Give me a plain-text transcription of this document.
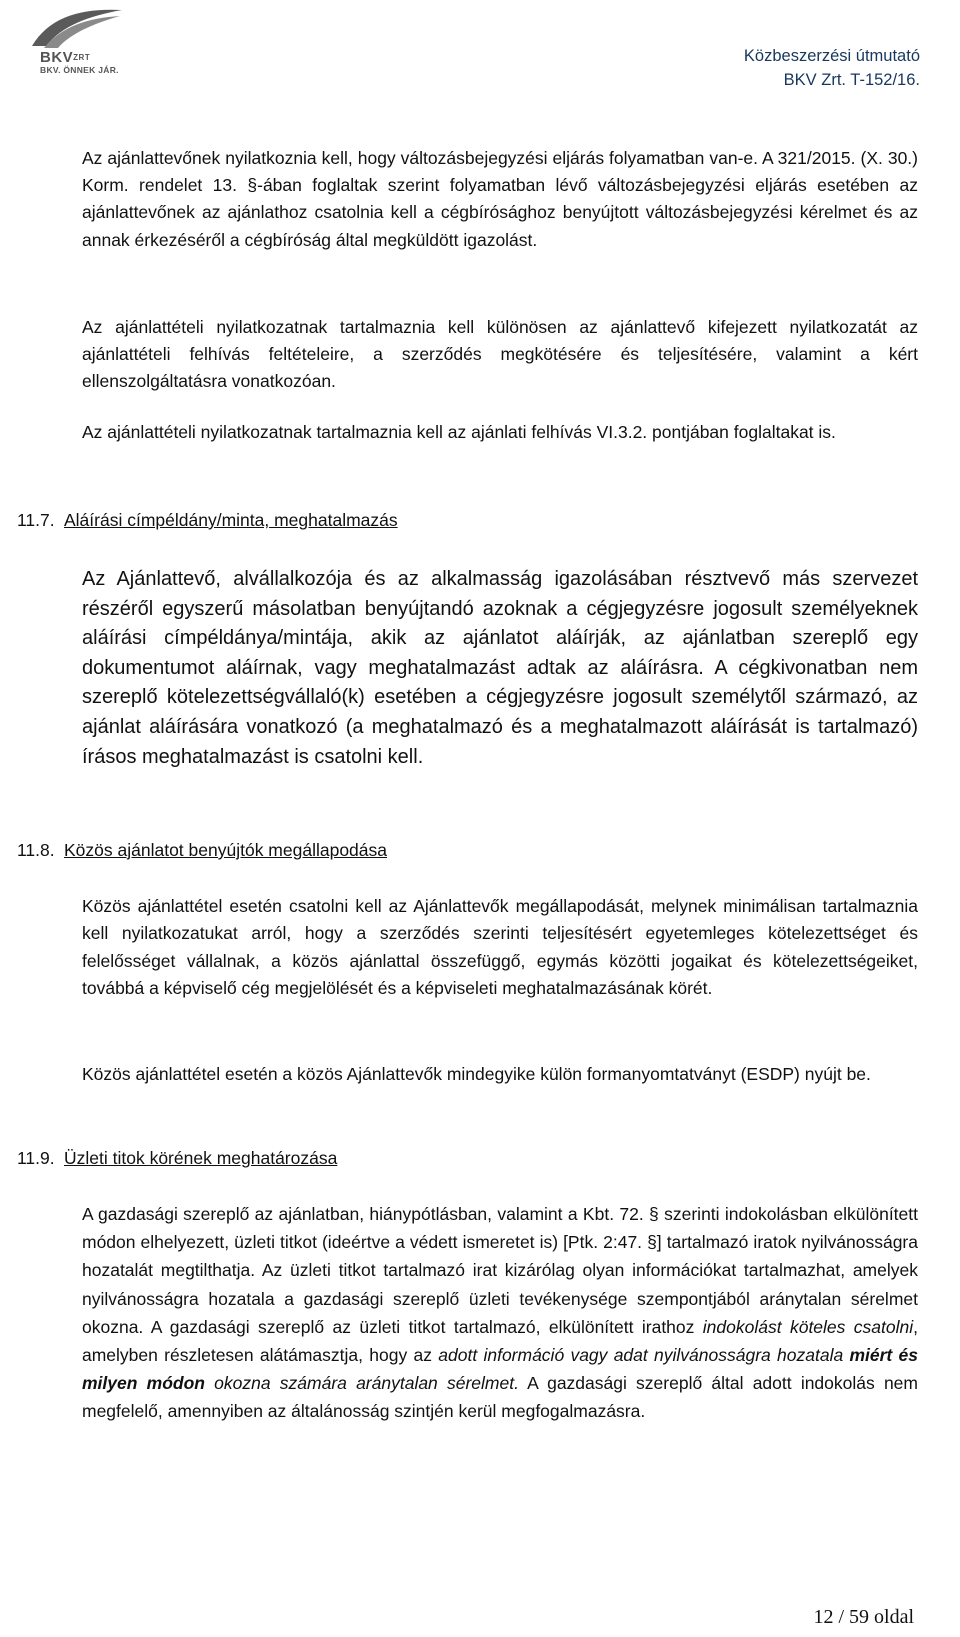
$BKV^{ZRT}$
BKV. ÖNNEK JÁR.
Közbeszerzési útmutató
BKV Zrt. T-152/16.

Az ajánlattevőnek nyilatkoznia kell, hogy változásbejegyzési eljárás folyamatban van-e. A 321/2015. (X. 30.) Korm. rendelet 13. §-ában foglaltak szerint folyamatban lévő változásbejegyzési eljárás esetében az ajánlattevőnek az ajánlathoz csatolnia kell a cégbírósághoz benyújtott változásbejegyzési kérelmet és az annak érkezéséről a cégbíróság által megküldött igazolást.

Az ajánlattételi nyilatkozatnak tartalmaznia kell különösen az ajánlattevő kifejezett nyilatkozatát az ajánlattételi felhívás feltételeire, a szerződés megkötésére és teljesítésére, valamint a kért ellenszolgáltatásra vonatkozóan.

Az ajánlattételi nyilatkozatnak tartalmaznia kell az ajánlati felhívás VI.3.2. pontjában foglaltakat is.

11.7. Aláírási címpéldány/minta, meghatalmazás

Az Ajánlattevő, alvállalkozója és az alkalmasság igazolásában résztvevő más szervezet részéről egyszerű másolatban benyújtandó azoknak a cégjegyzésre jogosult személyeknek aláírási címpéldánya/mintája, akik az ajánlatot aláírják, az ajánlatban szereplő egy dokumentumot aláírnak, vagy meghatalmazást adtak az aláírásra. A cégkivonatban nem szereplő kötelezettségvállaló(k) esetében a cégjegyzésre jogosult személytől származó, az ajánlat aláírására vonatkozó (a meghatalmazó és a meghatalmazott aláírását is tartalmazó) írásos meghatalmazást is csatolni kell.

11.8. Közös ajánlatot benyújtók megállapodása

Közös ajánlattétel esetén csatolni kell az Ajánlattevők megállapodását, melynek minimálisan tartalmaznia kell nyilatkozatukat arról, hogy a szerződés szerinti teljesítésért egyetemleges kötelezettséget és felelősséget vállalnak, a közös ajánlattal összefüggő, egymás közötti jogaikat és kötelezettségeiket, továbbá a képviselő cég megjelölését és a képviseleti meghatalmazásának körét.

Közös ajánlattétel esetén a közös Ajánlattevők mindegyike külön formanyomtatványt (ESDP) nyújt be.

11.9. Üzleti titok körének meghatározása

A gazdasági szereplő az ajánlatban, hiánypótlásban, valamint a Kbt. 72. § szerinti indokolásban elkülönített módon elhelyezett, üzleti titkot (ideértve a védett ismeretet is) [Ptk. 2:47. §] tartalmazó iratok nyilvánosságra hozatalát megtilthatja. Az üzleti titkot tartalmazó irat kizárólag olyan információkat tartalmazhat, amelyek nyilvánosságra hozatala a gazdasági szereplő üzleti tevékenysége szempontjából aránytalan sérelmet okozna. A gazdasági szereplő az üzleti titkot tartalmazó, elkülönített irathoz indokolást köteles csatolni, amelyben részletesen alátámasztja, hogy az adott információ vagy adat nyilvánosságra hozatala miért és milyen módon okozna számára aránytalan sérelmet. A gazdasági szereplő által adott indokolás nem megfelelő, amennyiben az általánosság szintjén kerül megfogalmazásra.

12 / 59 oldal
